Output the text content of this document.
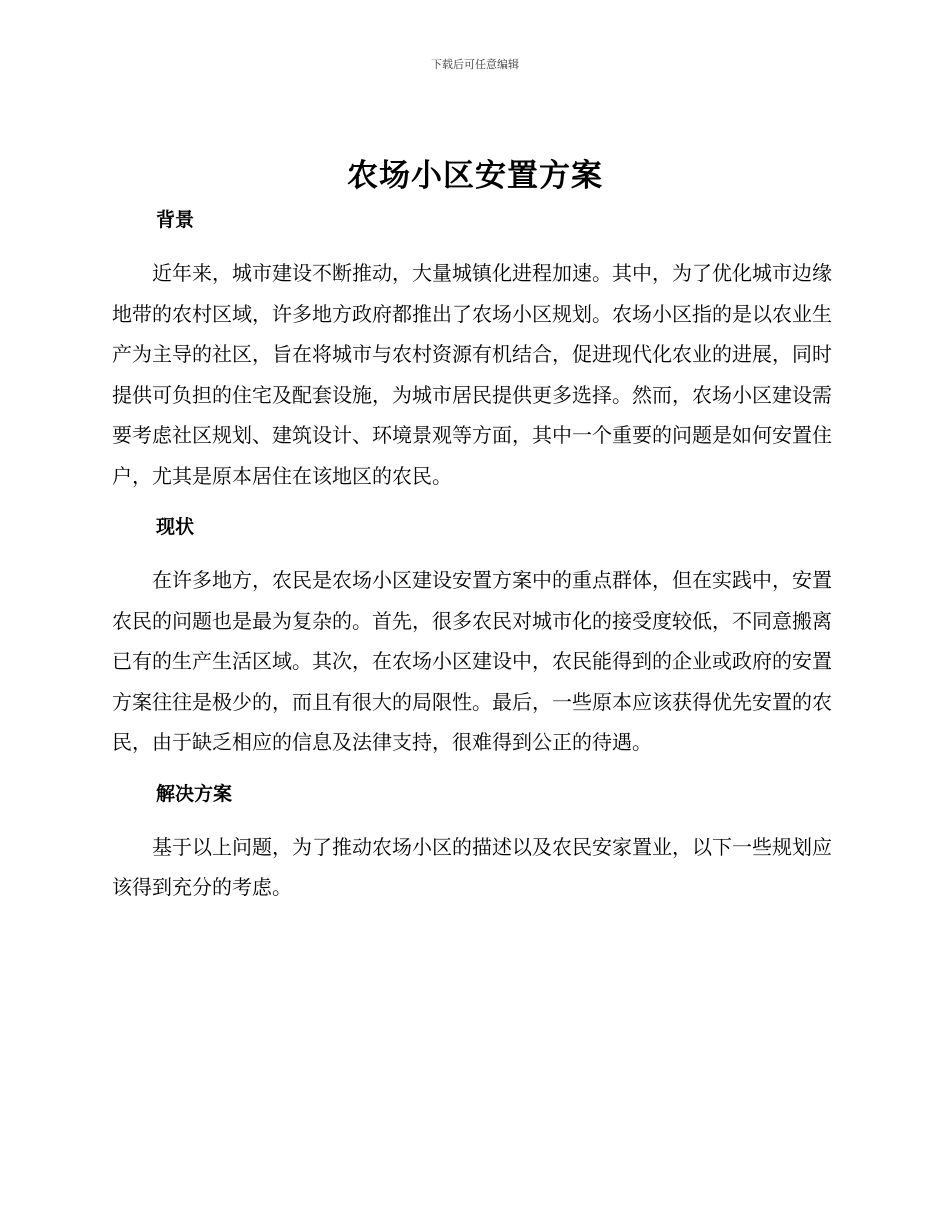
下载后可任意编辑
农场小区安置方案
背景

近年来，城市建设不断推动，大量城镇化进程加速。其中，为了优化城市边缘地带的农村区域，许多地方政府都推出了农场小区规划。农场小区指的是以农业生产为主导的社区，旨在将城市与农村资源有机结合，促进现代化农业的进展，同时提供可负担的住宅及配套设施，为城市居民提供更多选择。然而，农场小区建设需要考虑社区规划、建筑设计、环境景观等方面，其中一个重要的问题是如何安置住户，尤其是原本居住在该地区的农民。

现状

在许多地方，农民是农场小区建设安置方案中的重点群体，但在实践中，安置农民的问题也是最为复杂的。首先，很多农民对城市化的接受度较低，不同意搬离已有的生产生活区域。其次，在农场小区建设中，农民能得到的企业或政府的安置方案往往是极少的，而且有很大的局限性。最后，一些原本应该获得优先安置的农民，由于缺乏相应的信息及法律支持，很难得到公正的待遇。

解决方案

基于以上问题，为了推动农场小区的描述以及农民安家置业，以下一些规划应该得到充分的考虑。
